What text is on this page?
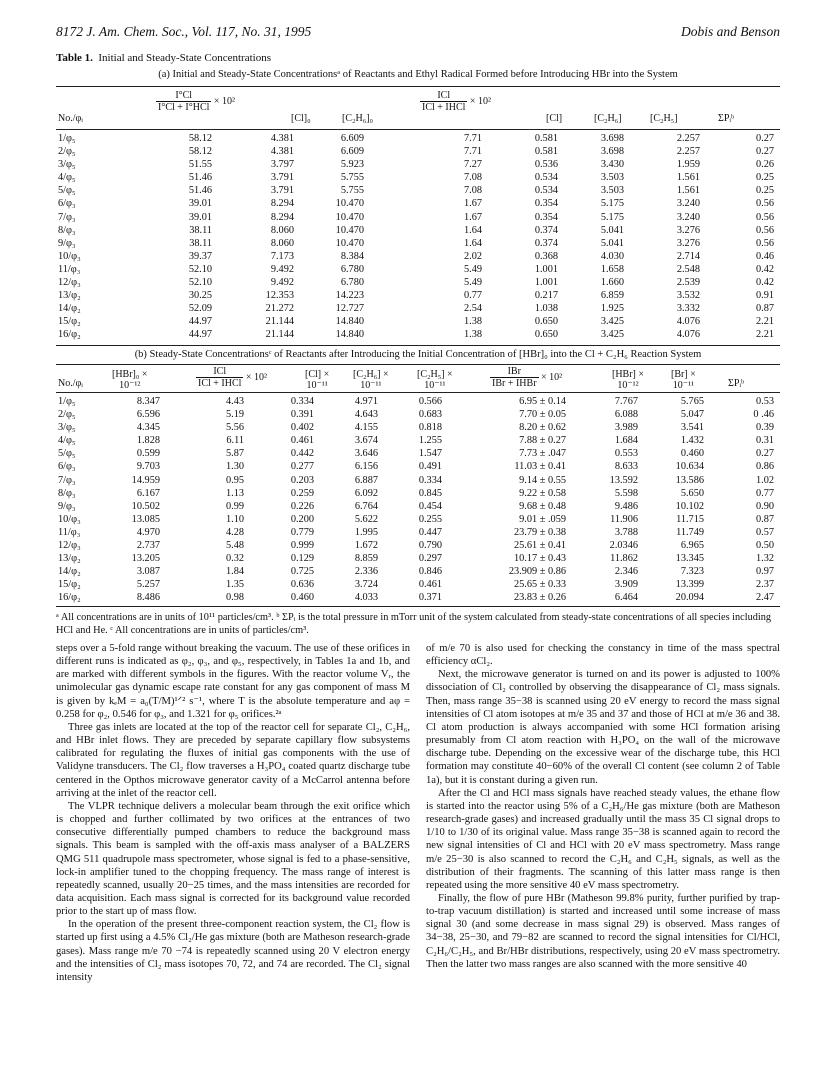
8172 J. Am. Chem. Soc., Vol. 117, No. 31, 1995	Dobis and Benson
Table 1. Initial and Steady-State Concentrations
(a) Initial and Steady-State Concentrationsᵃ of Reactants and Ethyl Radical Formed before Introducing HBr into the System
No./φᵢ
$\frac{I^\circ Cl}{\text{I°Cl + I°HCl}} \times 10^2$
[Cl]₀	[C₂H₆]₀
$\frac{\text{ICl}}{\text{ICl + IHCl}} \times 10^2$
[Cl]	[C₂H₆]	[C₂H₅]	ΣPᵢᵇ
1/φ₅	58.12	4.381	6.609	7.71	0.581	3.698	2.257	0.27
2/φ₅	58.12	4.381	6.609	7.71	0.581	3.698	2.257	0.27
3/φ₅	51.55	3.797	5.923	7.27	0.536	3.430	1.959	0.26
4/φ₅	51.46	3.791	5.755	7.08	0.534	3.503	1.561	0.25
5/φ₅	51.46	3.791	5.755	7.08	0.534	3.503	1.561	0.25
6/φ₃	39.01	8.294	10.470	1.67	0.354	5.175	3.240	0.56
7/φ₃	39.01	8.294	10.470	1.67	0.354	5.175	3.240	0.56
8/φ₃	38.11	8.060	10.470	1.64	0.374	5.041	3.276	0.56
9/φ₃	38.11	8.060	10.470	1.64	0.374	5.041	3.276	0.56
10/φ₃	39.37	7.173	8.384	2.02	0.368	4.030	2.714	0.46
11/φ₃	52.10	9.492	6.780	5.49	1.001	1.658	2.548	0.42
12/φ₃	52.10	9.492	6.780	5.49	1.001	1.660	2.539	0.42
13/φ₂	30.25	12.353	14.223	0.77	0.217	6.859	3.532	0.91
14/φ₂	52.09	21.272	12.727	2.54	1.038	1.925	3.332	0.87
15/φ₂	44.97	21.144	14.840	1.38	0.650	3.425	4.076	2.21
16/φ₂	44.97	21.144	14.840	1.38	0.650	3.425	4.076	2.21
(b) Steady-State Concentrationsᶜ of Reactants after Introducing the Initial Concentration of [HBr]₀ into the Cl + C₂H₆ Reaction System
No./φᵢ
[HBr]₀ ×
10⁻¹²	$\frac{\text{ICl}}{\text{ICl + IHCl}} \times 10^2$	[Cl] ×
10⁻¹¹
[C₂H₆] ×
10⁻¹¹
[C₂H₅] ×
10⁻¹¹	$\frac{\text{IBr}}{\text{IBr + IHBr}} \times 10^2$	[HBr] ×
10⁻¹²
[Br] ×
10⁻¹¹	ΣPᵢᵇ
1/φ₅	8.347	4.43	0.334	4.971	0.566	6.95 ± 0.14	7.767	5.765	0.53
2/φ₅	6.596	5.19	0.391	4.643	0.683	7.70 ± 0.05	6.088	5.047	0 .46
3/φ₅	4.345	5.56	0.402	4.155	0.818	8.20 ± 0.62	3.989	3.541	0.39
4/φ₅	1.828	6.11	0.461	3.674	1.255	7.88 ± 0.27	1.684	1.432	0.31
5/φ₅	0.599	5.87	0.442	3.646	1.547	7.73 ± .047	0.553	0.460	0.27
6/φ₃	9.703	1.30	0.277	6.156	0.491	11.03 ± 0.41	8.633	10.634	0.86
7/φ₃	14.959	0.95	0.203	6.887	0.334	9.14 ± 0.55	13.592	13.586	1.02
8/φ₃	6.167	1.13	0.259	6.092	0.845	9.22 ± 0.58	5.598	5.650	0.77
9/φ₃	10.502	0.99	0.226	6.764	0.454	9.68 ± 0.48	9.486	10.102	0.90
10/φ₃	13.085	1.10	0.200	5.622	0.255	9.01 ± .059	11.906	11.715	0.87
11/φ₃	4.970	4.28	0.779	1.995	0.447	23.79 ± 0.38	3.788	11.749	0.57
12/φ₃	2.737	5.48	0.999	1.672	0.790	25.61 ± 0.41	2.0346	6.965	0.50
13/φ₂	13.205	0.32	0.129	8.859	0.297	10.17 ± 0.43	11.862	13.345	1.32
14/φ₂	3.087	1.84	0.725	2.336	0.846	23.909 ± 0.86	2.346	7.323	0.97
15/φ₂	5.257	1.35	0.636	3.724	0.461	25.65 ± 0.33	3.909	13.399	2.37
16/φ₂	8.486	0.98	0.460	4.033	0.371	23.83 ± 0.26	6.464	20.094	2.47
ᵃ All concentrations are in units of 10¹¹ particles/cm³. ᵇ ΣPᵢ is the total pressure in mTorr unit of the system calculated from steady-state concentrations of all species including HCl and He. ᶜ All concentrations are in units of particles/cm³.

steps over a 5-fold range without breaking the vacuum. The use of these orifices in different runs is indicated as φ₂, φ₃, and φ₅, respectively, in Tables 1a and 1b, and are marked with different symbols in the figures. With the reactor volume Vᵣ, the unimolecular gas dynamic escape rate constant for any gas component of mass M is given by kₑM = a₀(T/M)¹ᐟ² s⁻¹, where T is the absolute temperature and aφ = 0.258 for φ₂, 0.546 for φ₃, and 1.321 for φ₅ orifices.²ᵃ

Three gas inlets are located at the top of the reactor cell for separate Cl₂, C₂H₆, and HBr inlet flows. They are preceded by separate capillary flow subsystems calibrated for regulating the fluxes of initial gas components with the use of Validyne transducers. The Cl₂ flow traverses a H₃PO₄ coated quartz discharge tube centered in the Opthos microwave generator cavity of a McCarrol antenna before arriving at the inlet of the reactor cell.

The VLPR technique delivers a molecular beam through the exit orifice which is chopped and further collimated by two orifices at the entrances of two consecutive differentially pumped chambers to reduce the background mass signals. This beam is sampled with the off-axis mass analyser of a BALZERS QMG 511 quadrupole mass spectrometer, whose signal is fed to a phase-sensitive, lock-in amplifier tuned to the chopping frequency. The mass range of interest is repeatedly scanned, usually 20−25 times, and the mass intensities are recorded for data acquisition. Each mass signal is corrected for its background value recorded prior to the start up of mass flow.

In the operation of the present three-component reaction system, the Cl₂ flow is started up first using a 4.5% Cl₂/He gas mixture (both are Matheson research-grade gases). Mass range m/e 70 −74 is repeatedly scanned using 20 V electron energy and the intensities of Cl₂ mass isotopes 70, 72, and 74 are recorded. The Cl₂ signal intensity

of m/e 70 is also used for checking the constancy in time of the mass spectral efficiency αCl₂.

Next, the microwave generator is turned on and its power is adjusted to 100% dissociation of Cl₂ controlled by observing the disappearance of Cl₂ mass signals. Then, mass range 35−38 is scanned using 20 eV energy to record the mass signal intensities of Cl atom isotopes at m/e 35 and 37 and those of HCl at m/e 36 and 38. Cl atom production is always accompanied with some HCl formation arising presumably from Cl atom reaction with H₃PO₄ on the wall of the microwave discharge tube. Depending on the excessive wear of the discharge tube, this HCl formation may constitute 40−60% of the overall Cl content (see column 2 of Table 1a), but it is constant during a given run.

After the Cl and HCl mass signals have reached steady values, the ethane flow is started into the reactor using 5% of a C₂H₆/He gas mixture (both are Matheson research-grade gases) and increased gradually until the mass 35 Cl signal drops to 1/10 to 1/30 of its original value. Mass range 35−38 is scanned again to record the new signal intensities of Cl and HCl with 20 eV mass spectrometry. Mass range m/e 25−30 is also scanned to record the C₂H₆ and C₂H₅ signals, as well as the distribution of their fragments. The scanning of this latter mass range is then repeated using the more sensitive 40 eV mass spectrometry.

Finally, the flow of pure HBr (Matheson 99.8% purity, further purified by trap-to-trap vacuum distillation) is started and increased until some increase of mass signal 30 (and some decrease in mass signal 29) is observed. Mass ranges of 34−38, 25−30, and 79−82 are scanned to record the signal intensities for Cl/HCl, C₂H₆/C₂H₅, and Br/HBr distributions, respectively, using 20 eV mass spectrometry. Then the latter two mass ranges are also scanned with the more sensitive 40
